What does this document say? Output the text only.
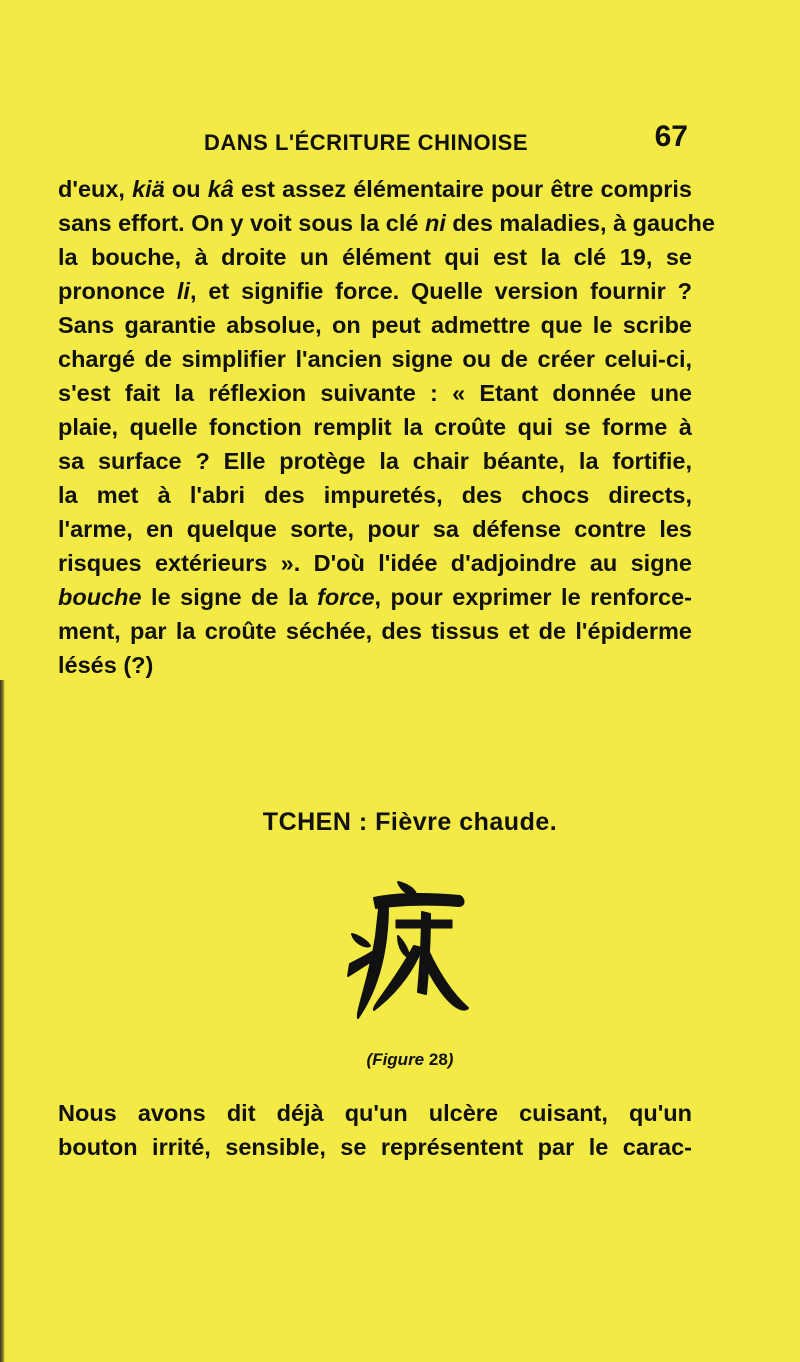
DANS L'ÉCRITURE CHINOISE	67
d'eux, kiä ou kâ est assez élémentaire pour être compris
sans effort. On y voit sous la clé ni des maladies, à gauche
la bouche, à droite un élément qui est la clé 19, se
prononce li, et signifie force. Quelle version fournir ?
Sans garantie absolue, on peut admettre que le scribe
chargé de simplifier l'ancien signe ou de créer celui-ci,
s'est fait la réflexion suivante : « Etant donnée une
plaie, quelle fonction remplit la croûte qui se forme à
sa surface ? Elle protège la chair béante, la fortifie,
la met à l'abri des impuretés, des chocs directs,
l'arme, en quelque sorte, pour sa défense contre les
risques extérieurs ». D'où l'idée d'adjoindre au signe
bouche le signe de la force, pour exprimer le renforce-
ment, par la croûte séchée, des tissus et de l'épiderme
lésés (?)
TCHEN : Fièvre chaude.
(Figure 28)
Nous avons dit déjà qu'un ulcère cuisant, qu'un
bouton irrité, sensible, se représentent par le carac-
